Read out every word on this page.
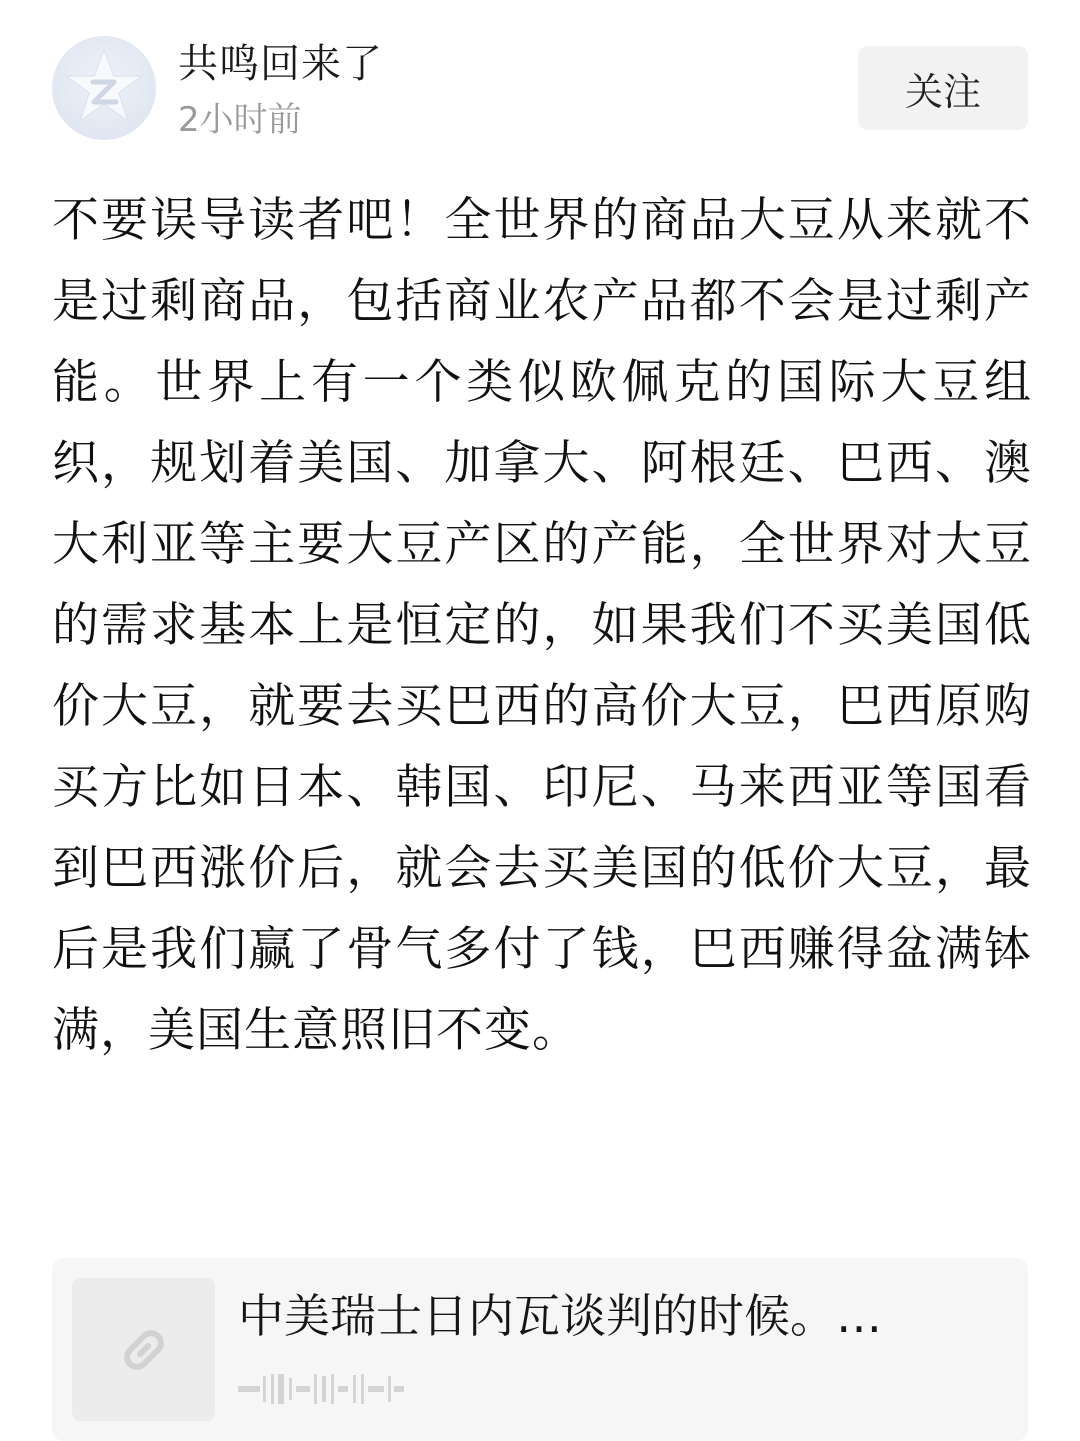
共鸣回来了
2小时前
关注
不要误导读者吧！全世界的商品大豆从来就不是过剩商品，包括商业农产品都不会是过剩产能。世界上有一个类似欧佩克的国际大豆组织，规划着美国、加拿大、阿根廷、巴西、澳大利亚等主要大豆产区的产能，全世界对大豆的需求基本上是恒定的，如果我们不买美国低价大豆，就要去买巴西的高价大豆，巴西原购买方比如日本、韩国、印尼、马来西亚等国看到巴西涨价后，就会去买美国的低价大豆，最后是我们赢了骨气多付了钱，巴西赚得盆满钵满，美国生意照旧不变。
中美瑞士日内瓦谈判的时候。…
